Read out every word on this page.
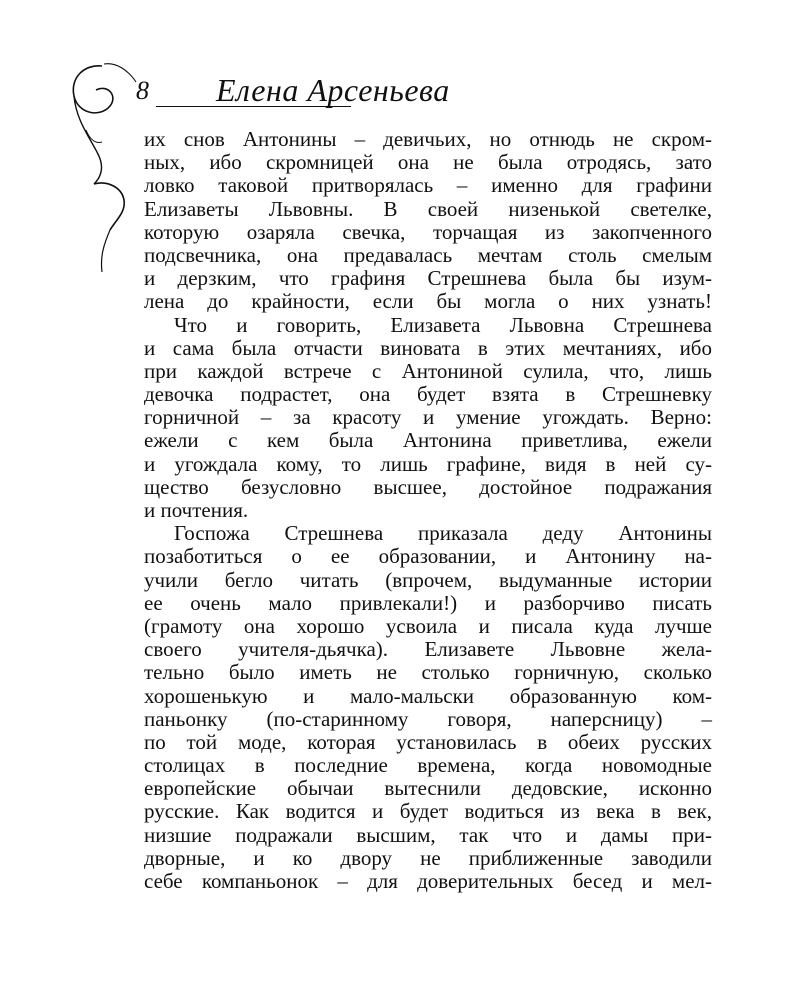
8 Елена Арсеньева
их снов Антонины – девичьих, но отнюдь не скром-
ных, ибо скромницей она не была отродясь, зато
ловко таковой притворялась – именно для графини
Елизаветы Львовны. В своей низенькой светелке,
которую озаряла свечка, торчащая из закопченного
подсвечника, она предавалась мечтам столь смелым
и дерзким, что графиня Стрешнева была бы изум-
лена до крайности, если бы могла о них узнать!
Что и говорить, Елизавета Львовна Стрешнева
и сама была отчасти виновата в этих мечтаниях, ибо
при каждой встрече с Антониной сулила, что, лишь
девочка подрастет, она будет взята в Стрешневку
горничной – за красоту и умение угождать. Верно:
ежели с кем была Антонина приветлива, ежели
и угождала кому, то лишь графине, видя в ней су-
щество безусловно высшее, достойное подражания
и почтения.
Госпожа Стрешнева приказала деду Антонины
позаботиться о ее образовании, и Антонину на-
учили бегло читать (впрочем, выдуманные истории
ее очень мало привлекали!) и разборчиво писать
(грамоту она хорошо усвоила и писала куда лучше
своего учителя-дьячка). Елизавете Львовне жела-
тельно было иметь не столько горничную, сколько
хорошенькую и мало-мальски образованную ком-
паньонку (по-старинному говоря, наперсницу) –
по той моде, которая установилась в обеих русских
столицах в последние времена, когда новомодные
европейские обычаи вытеснили дедовские, исконно
русские. Как водится и будет водиться из века в век,
низшие подражали высшим, так что и дамы при-
дворные, и ко двору не приближенные заводили
себе компаньонок – для доверительных бесед и мел-
